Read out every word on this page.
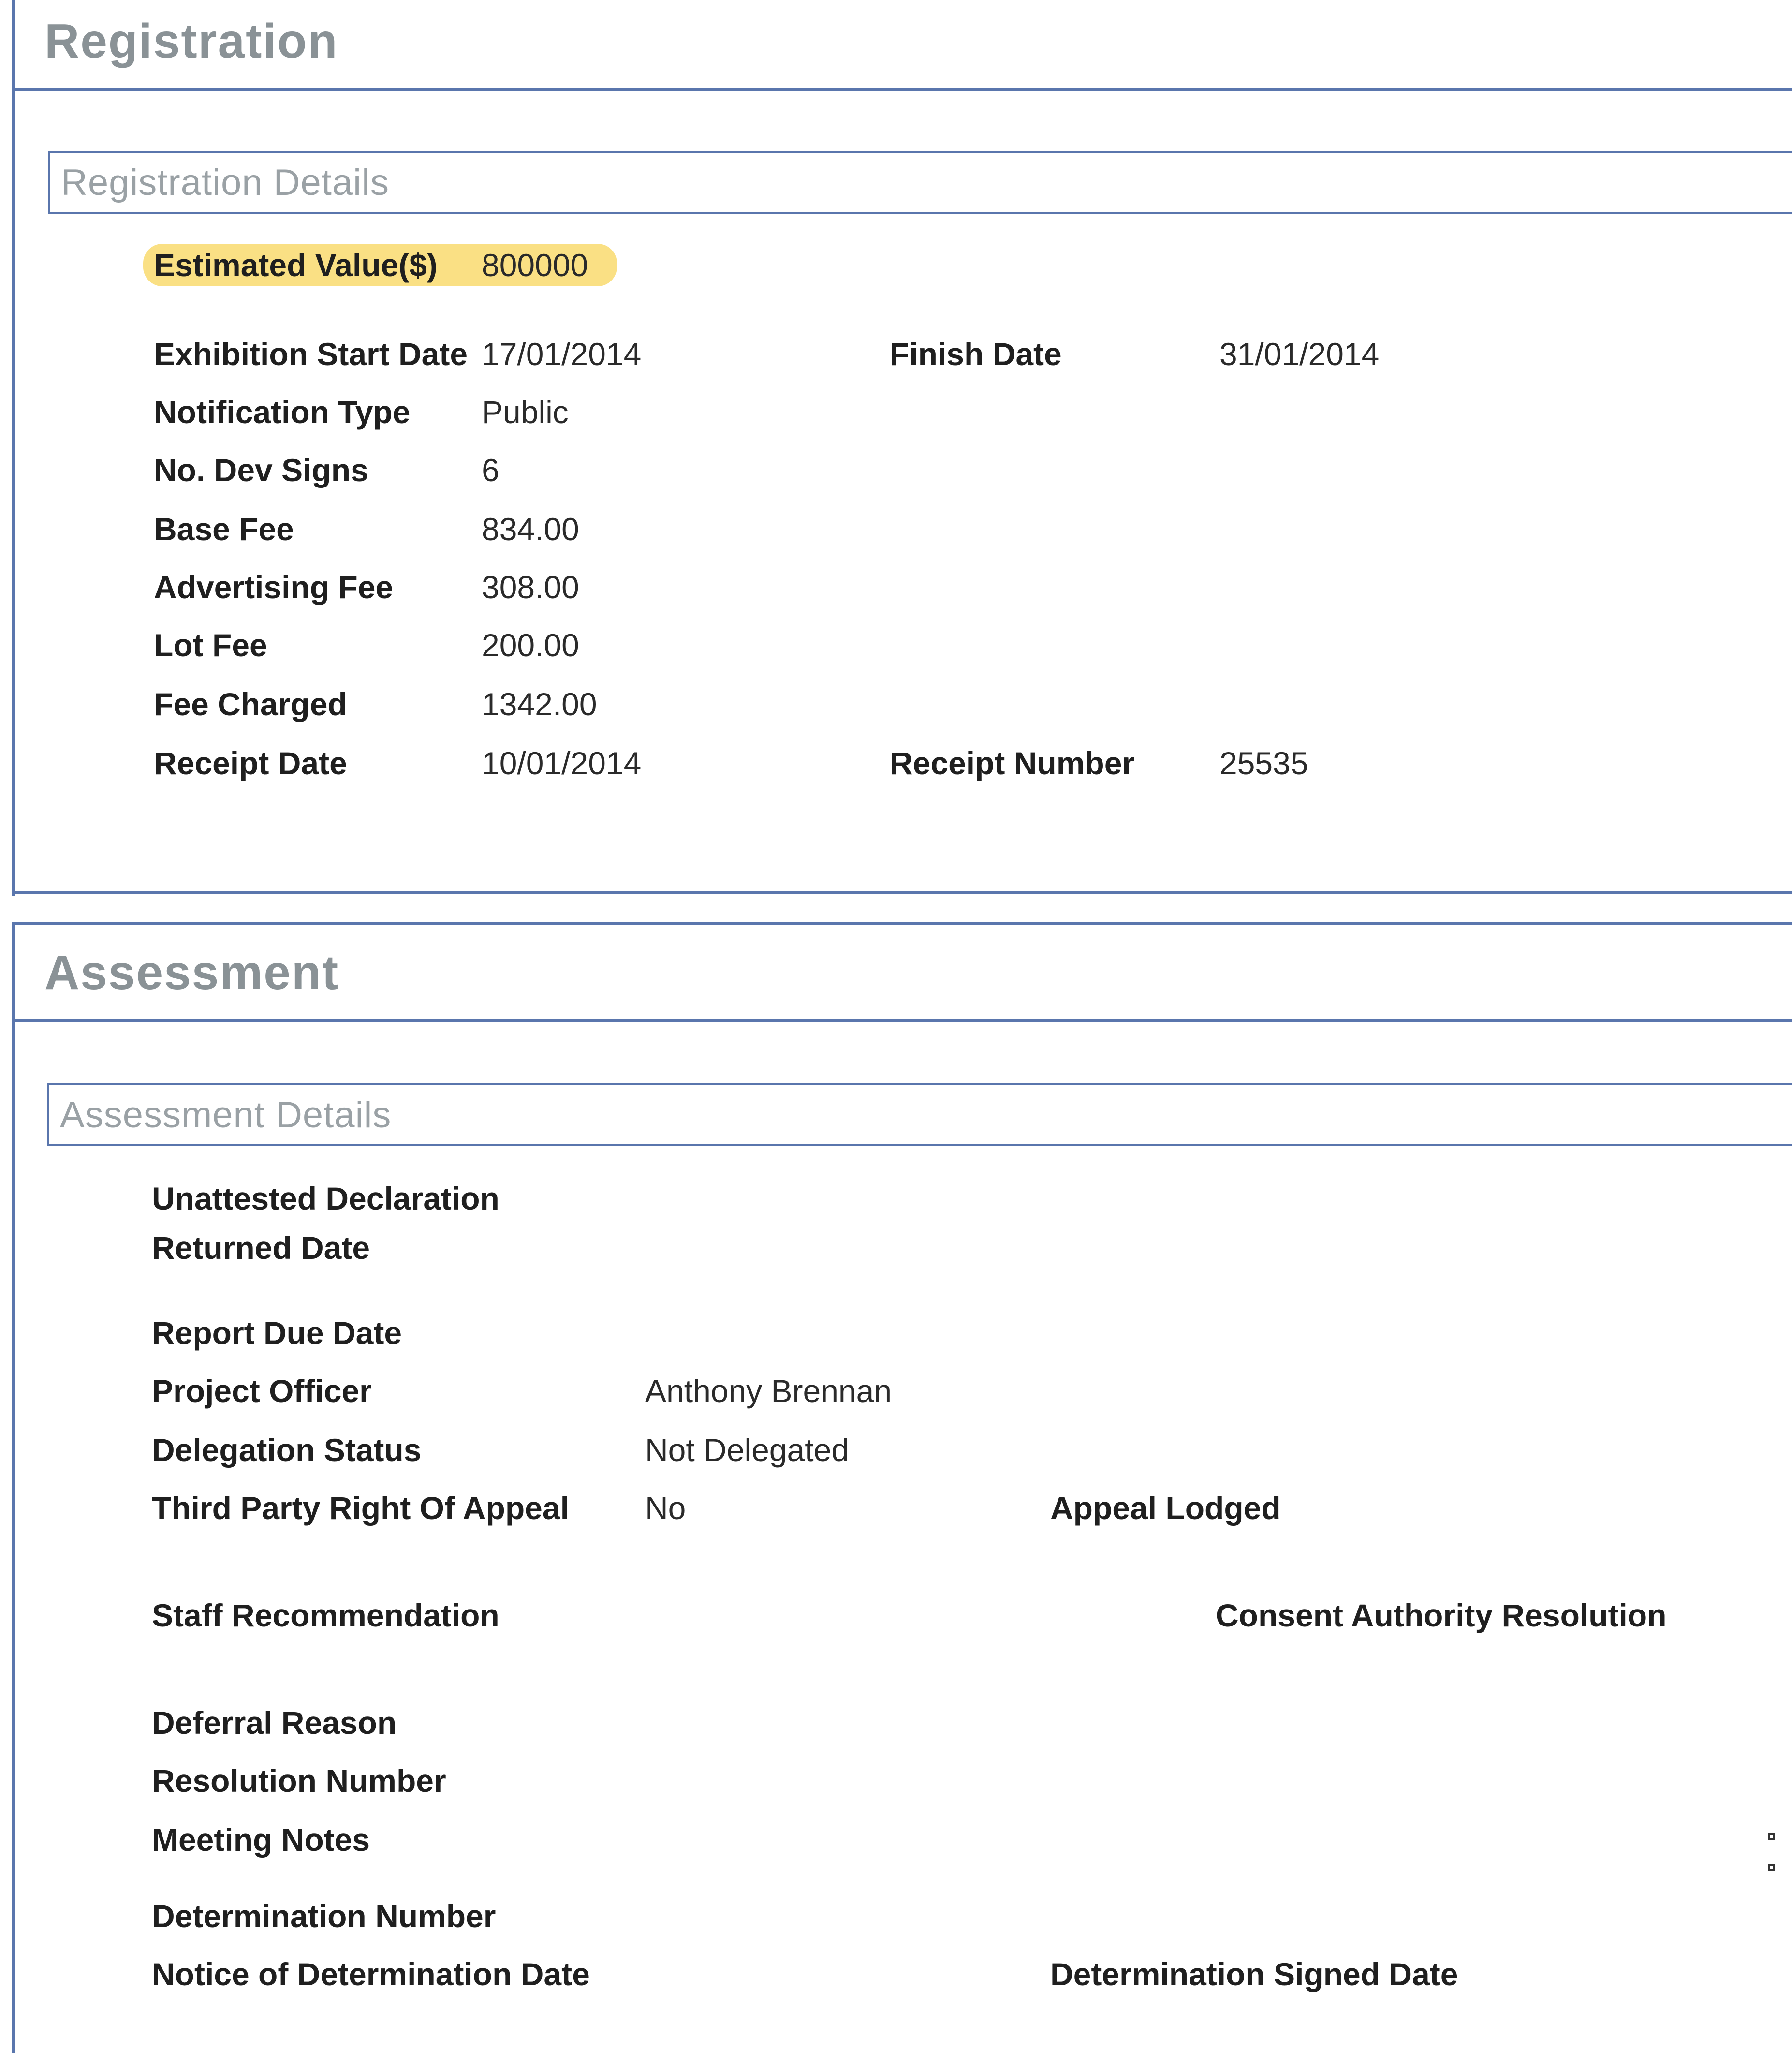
Registration
Registration Details
Estimated Value($) 800000
Exhibition Start Date 17/01/2014	Finish Date	31/01/2014
Notification Type Public
No. Dev Signs	6
Base Fee	834.00
Advertising Fee	308.00
Lot Fee	200.00
Fee Charged	1342.00
Receipt Date	10/01/2014	Receipt Number	25535
Assessment
Assessment Details
Unattested Declaration
Returned Date
Report Due Date
Project Officer	Anthony Brennan
Delegation Status	Not Delegated
Third Party Right Of Appeal No	Appeal Lodged
Staff Recommendation	Consent Authority Resolution
Deferral Reason
Resolution Number
Meeting Notes
Determination Number
Notice of Determination Date	Determination Signed Date
